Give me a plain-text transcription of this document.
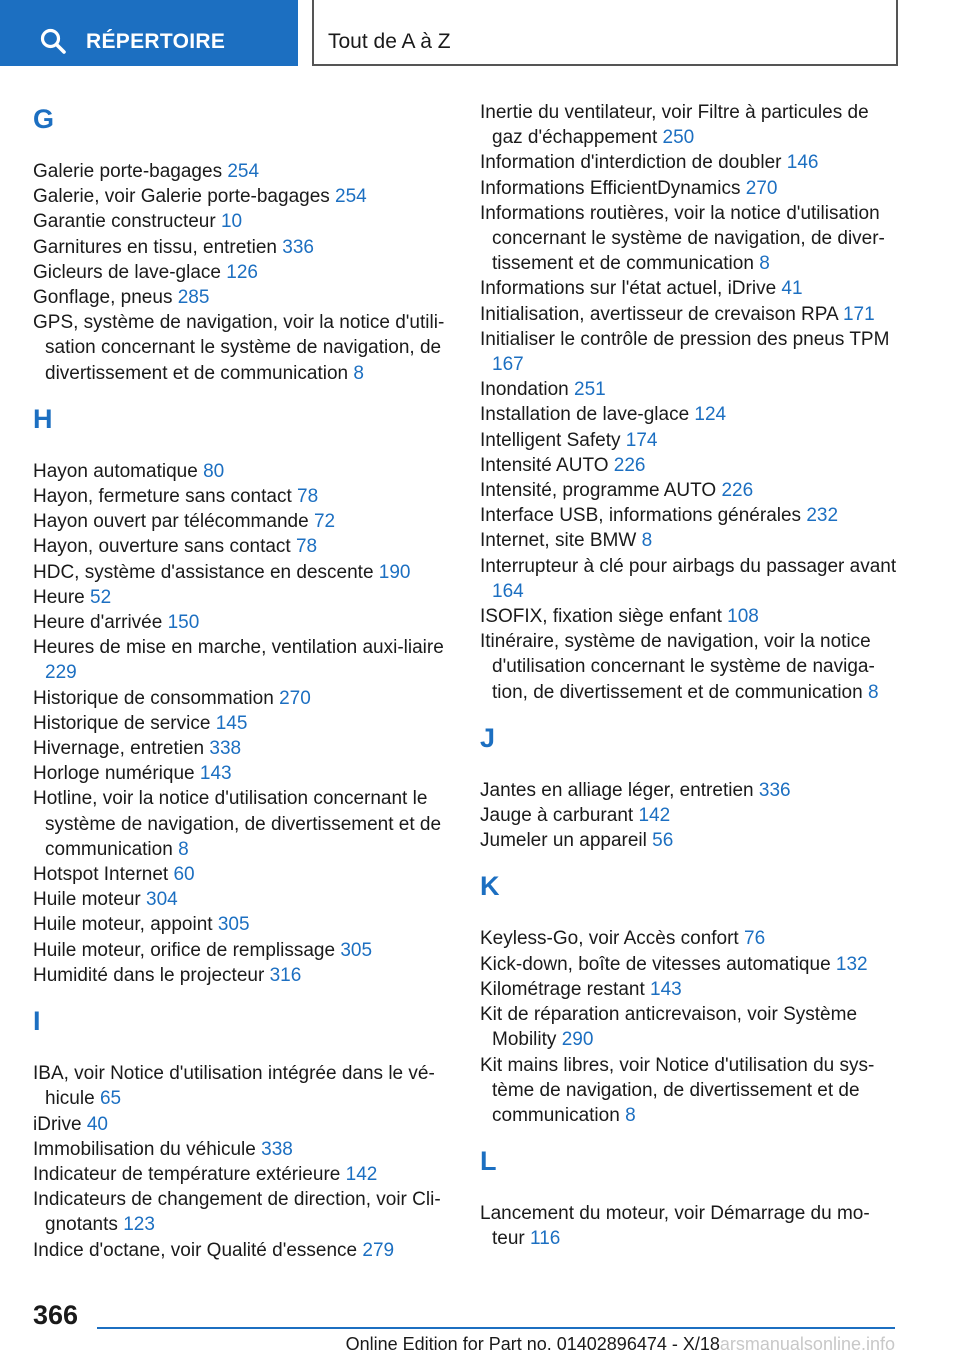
RÉPERTOIRE	Tout de A à Z
G
Galerie porte-bagages 254
Galerie, voir Galerie porte-bagages 254
Garantie constructeur 10
Garnitures en tissu, entretien 336
Gicleurs de lave-glace 126
Gonflage, pneus 285
GPS, système de navigation, voir la notice d'utili-sation concernant le système de navigation, de divertissement et de communication 8
H
Hayon automatique 80
Hayon, fermeture sans contact 78
Hayon ouvert par télécommande 72
Hayon, ouverture sans contact 78
HDC, système d'assistance en descente 190
Heure 52
Heure d'arrivée 150
Heures de mise en marche, ventilation auxi-liaire 229
Historique de consommation 270
Historique de service 145
Hivernage, entretien 338
Horloge numérique 143
Hotline, voir la notice d'utilisation concernant le système de navigation, de divertissement et de communication 8
Hotspot Internet 60
Huile moteur 304
Huile moteur, appoint 305
Huile moteur, orifice de remplissage 305
Humidité dans le projecteur 316
I
IBA, voir Notice d'utilisation intégrée dans le vé-hicule 65
iDrive 40
Immobilisation du véhicule 338
Indicateur de température extérieure 142
Indicateurs de changement de direction, voir Cli-gnotants 123
Indice d'octane, voir Qualité d'essence 279
Inertie du ventilateur, voir Filtre à particules de gaz d'échappement 250
Information d'interdiction de doubler 146
Informations EfficientDynamics 270
Informations routières, voir la notice d'utilisation concernant le système de navigation, de diver-tissement et de communication 8
Informations sur l'état actuel, iDrive 41
Initialisation, avertisseur de crevaison RPA 171
Initialiser le contrôle de pression des pneus TPM 167
Inondation 251
Installation de lave-glace 124
Intelligent Safety 174
Intensité AUTO 226
Intensité, programme AUTO 226
Interface USB, informations générales 232
Internet, site BMW 8
Interrupteur à clé pour airbags du passager avant 164
ISOFIX, fixation siège enfant 108
Itinéraire, système de navigation, voir la notice d'utilisation concernant le système de naviga-tion, de divertissement et de communication 8
J
Jantes en alliage léger, entretien 336
Jauge à carburant 142
Jumeler un appareil 56
K
Keyless-Go, voir Accès confort 76
Kick-down, boîte de vitesses automatique 132
Kilométrage restant 143
Kit de réparation anticrevaison, voir Système Mobility 290
Kit mains libres, voir Notice d'utilisation du sys-tème de navigation, de divertissement et de communication 8
L
Lancement du moteur, voir Démarrage du mo-teur 116
366
Online Edition for Part no. 01402896474 - X/18arsmanualsonline.info
